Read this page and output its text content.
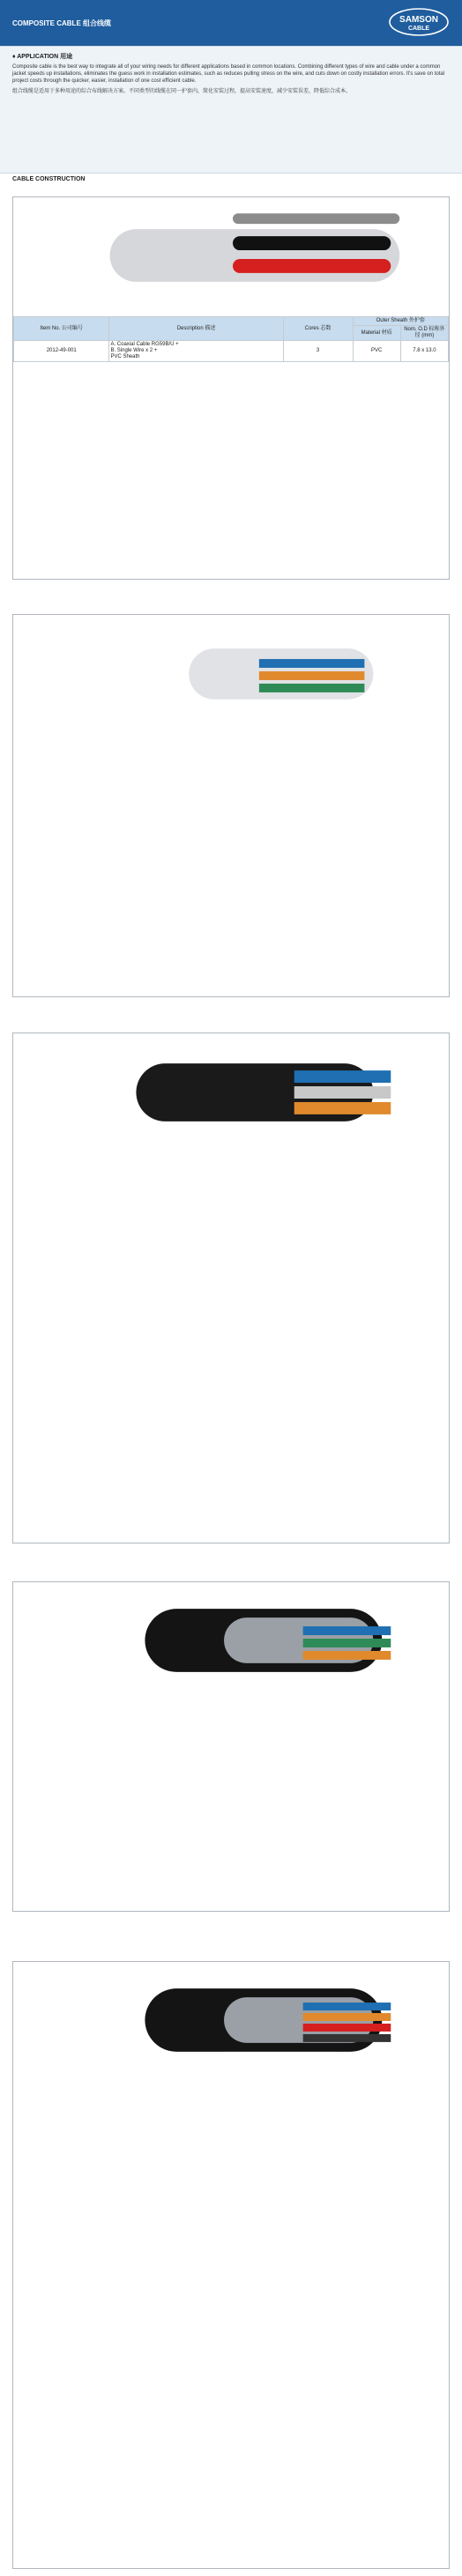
COMPOSITE CABLE 组合线缆	SAMSON
CABLE
♦ APPLICATION 用途

Composite cable is the best way to integrate all of your wiring needs for different applications based in common locations. Combining different types of wire and cable under a common jacket speeds up installations, eliminates the guess work in installation estimates, such as reduces pulling stress on the wire, and cuts down on costly installation errors. It's save on total project costs through the quicker, easier, installation of one cost efficient cable.

组合线缆是适用于多种用途的综合布线解决方案。不同类型的线缆在同一护套内，简化安装过程，提高安装速度，减少安装误差，降低综合成本。

CABLE CONSTRUCTION
Item No. 公司编号	Description 描述	Cores 芯数	Outer Sheath 外护套	
			Material 材质	Nom. O.D 标称外径 (mm)
2012-49-001	A. Coaxial Cable RG59B/U +
B. Single Wire x 2 +
PVC Sheath	3	PVC	7.8 x 13.0
